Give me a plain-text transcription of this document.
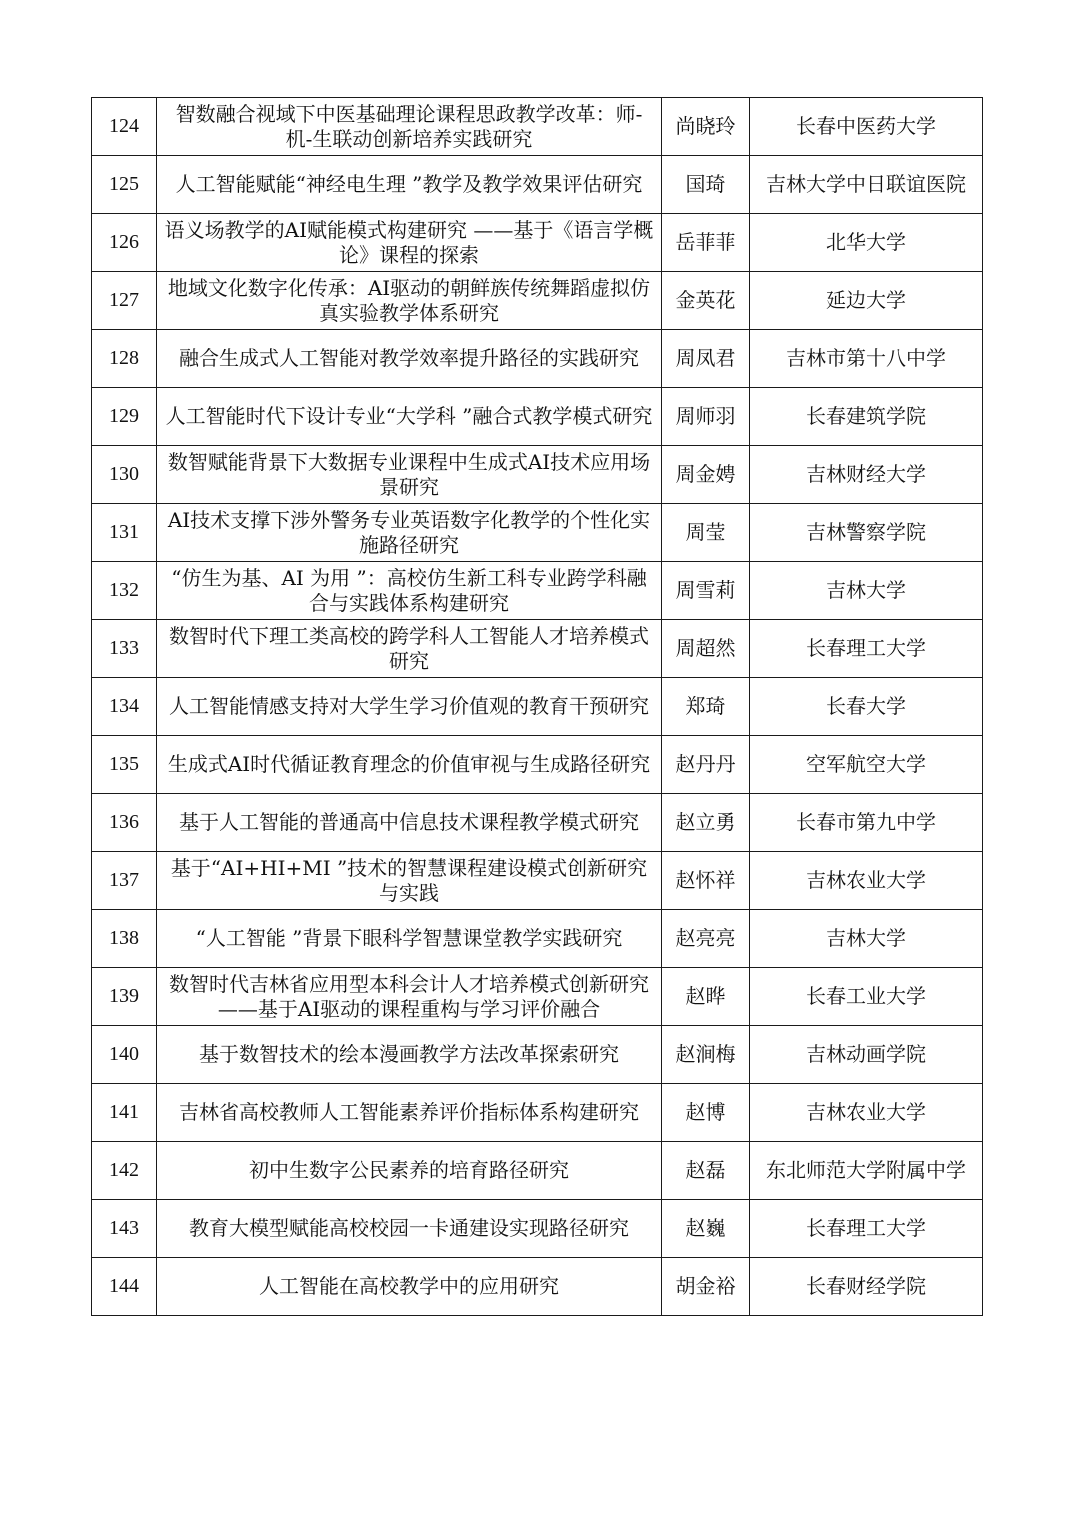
124	智数融合视域下中医基础理论课程思政教学改革：师-机-生联动创新培养实践研究	尚晓玲	长春中医药大学
125	人工智能赋能“神经电生理 ”教学及教学效果评估研究	国琦	吉林大学中日联谊医院
126	语义场教学的AI赋能模式构建研究 ——基于《语言学概论》课程的探索	岳菲菲	北华大学
127	地域文化数字化传承：AI驱动的朝鲜族传统舞蹈虚拟仿真实验教学体系研究	金英花	延边大学
128	融合生成式人工智能对教学效率提升路径的实践研究	周凤君	吉林市第十八中学
129	人工智能时代下设计专业“大学科 ”融合式教学模式研究	周师羽	长春建筑学院
130	数智赋能背景下大数据专业课程中生成式AI技术应用场景研究	周金娉	吉林财经大学
131	AI技术支撑下涉外警务专业英语数字化教学的个性化实施路径研究	周莹	吉林警察学院
132	“仿生为基、AI 为用 ”：高校仿生新工科专业跨学科融合与实践体系构建研究	周雪莉	吉林大学
133	数智时代下理工类高校的跨学科人工智能人才培养模式研究	周超然	长春理工大学
134	人工智能情感支持对大学生学习价值观的教育干预研究	郑琦	长春大学
135	生成式AI时代循证教育理念的价值审视与生成路径研究	赵丹丹	空军航空大学
136	基于人工智能的普通高中信息技术课程教学模式研究	赵立勇	长春市第九中学
137	基于“AI+HI+MI ”技术的智慧课程建设模式创新研究与实践	赵怀祥	吉林农业大学
138	“人工智能 ”背景下眼科学智慧课堂教学实践研究	赵亮亮	吉林大学
139	数智时代吉林省应用型本科会计人才培养模式创新研究——基于AI驱动的课程重构与学习评价融合	赵晔	长春工业大学
140	基于数智技术的绘本漫画教学方法改革探索研究	赵涧梅	吉林动画学院
141	吉林省高校教师人工智能素养评价指标体系构建研究	赵博	吉林农业大学
142	初中生数字公民素养的培育路径研究	赵磊	东北师范大学附属中学
143	教育大模型赋能高校校园一卡通建设实现路径研究	赵巍	长春理工大学
144	人工智能在高校教学中的应用研究	胡金裕	长春财经学院
